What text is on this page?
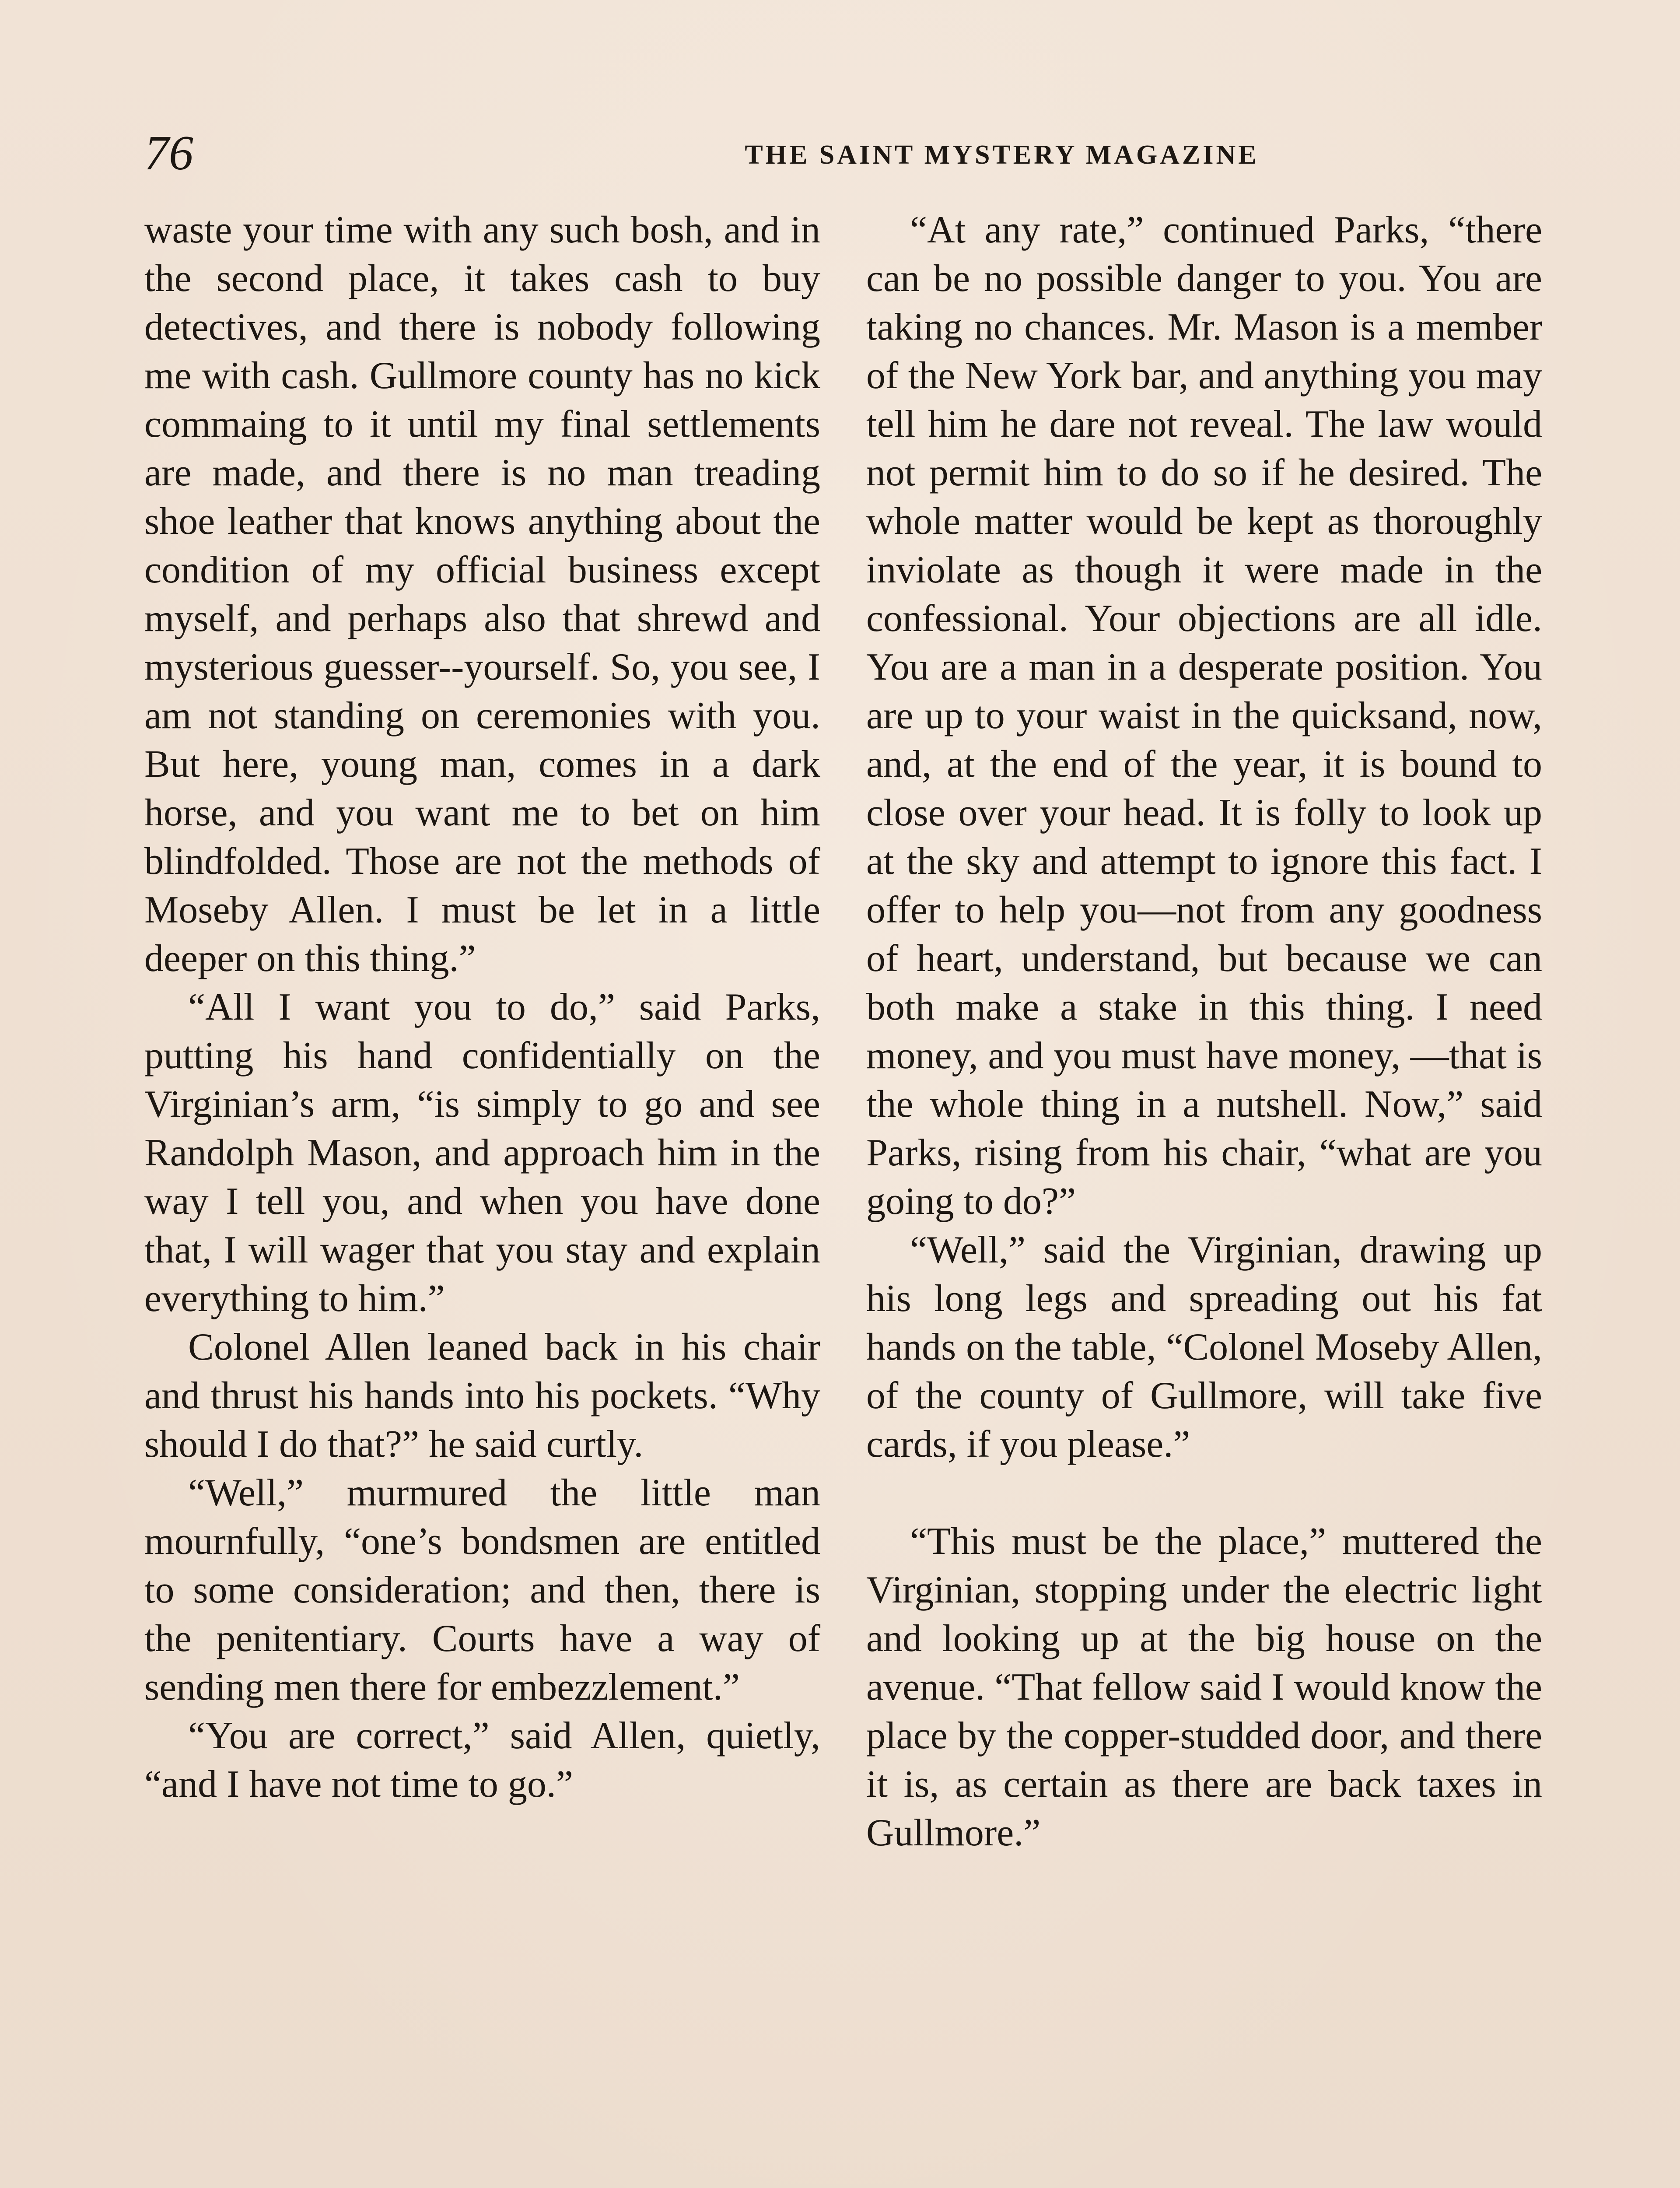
76	THE SAINT MYSTERY MAGAZINE

waste your time with any such bosh, and in the second place, it takes cash to buy detectives, and there is nobody following me with cash. Gullmore county has no kick commaing to it until my final settlements are made, and there is no man treading shoe leather that knows anything about the condition of my official business except myself, and perhaps also that shrewd and mysterious guesser--yourself. So, you see, I am not standing on ceremonies with you. But here, young man, comes in a dark horse, and you want me to bet on him blindfolded. Those are not the methods of Moseby Allen. I must be let in a little deeper on this thing.”

“All I want you to do,” said Parks, putting his hand confidentially on the Virginian’s arm, “is simply to go and see Randolph Mason, and approach him in the way I tell you, and when you have done that, I will wager that you stay and explain everything to him.”

Colonel Allen leaned back in his chair and thrust his hands into his pockets. “Why should I do that?” he said curtly.

“Well,” murmured the little man mournfully, “one’s bondsmen are entitled to some consideration; and then, there is the penitentiary. Courts have a way of sending men there for embezzlement.”

“You are correct,” said Allen, quietly, “and I have not time to go.”

“At any rate,” continued Parks, “there can be no possible danger to you. You are taking no chances. Mr. Mason is a member of the New York bar, and anything you may tell him he dare not reveal. The law would not permit him to do so if he desired. The whole matter would be kept as thoroughly inviolate as though it were made in the confessional. Your objections are all idle. You are a man in a desperate position. You are up to your waist in the quicksand, now, and, at the end of the year, it is bound to close over your head. It is folly to look up at the sky and attempt to ignore this fact. I offer to help you—not from any goodness of heart, understand, but because we can both make a stake in this thing. I need money, and you must have money, —that is the whole thing in a nutshell. Now,” said Parks, rising from his chair, “what are you going to do?”

“Well,” said the Virginian, drawing up his long legs and spreading out his fat hands on the table, “Colonel Moseby Allen, of the county of Gullmore, will take five cards, if you please.”

“This must be the place,” muttered the Virginian, stopping under the electric light and looking up at the big house on the avenue. “That fellow said I would know the place by the copper-studded door, and there it is, as certain as there are back taxes in Gullmore.”
